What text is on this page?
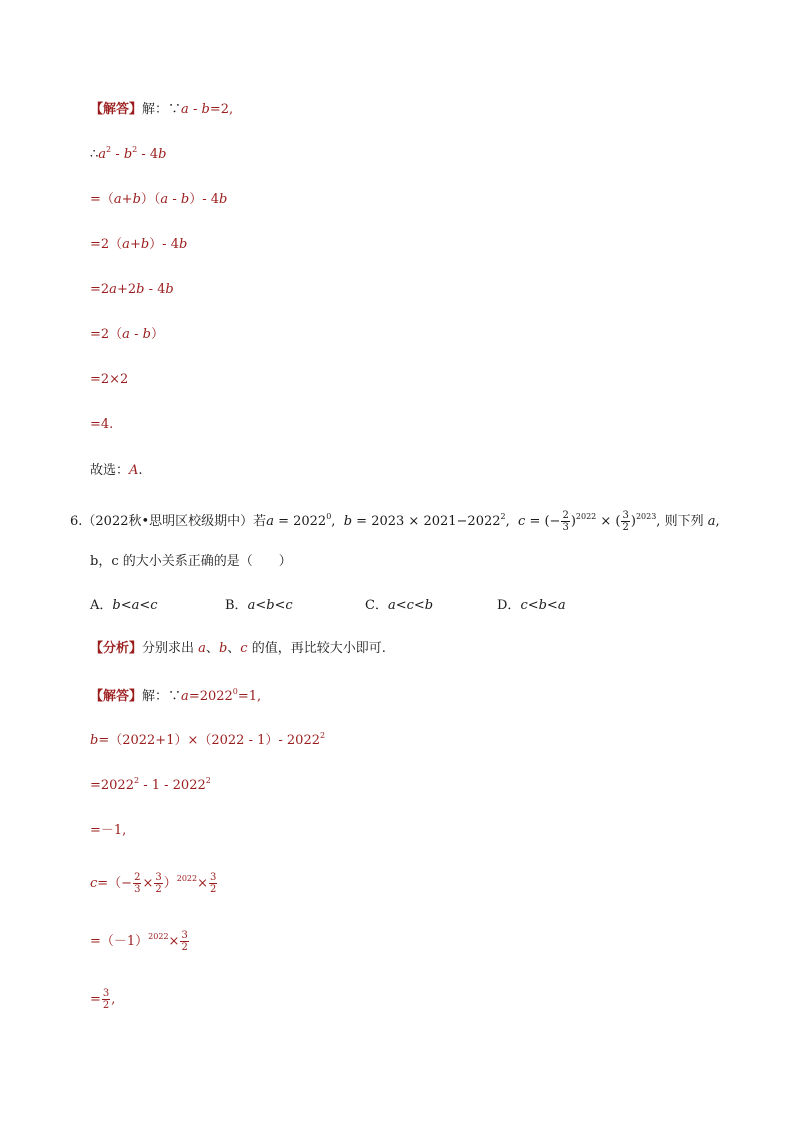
【解答】解：∵a - b=2,
$\therefore a^2 - b^2 - 4b$
=（a+b）（a - b）- 4b
=2（a+b）- 4b
=2a+2b - 4b
=2（a - b）
=2×2
=4.
故选：A.
6.（2022秋•思明区校级期中）若$a = 2022^0$, $b = 2023 \times 2021-2022^2$, c = (− $\frac{2}{3} )^{2022}$ × ( $\frac{3}{2} )^{2023}$, 则下列 a,
b，c 的大小关系正确的是（　　）
A．b<a<c	B．a<b<c	C．a<c<b	D．c<b<a
【分析】分别求出 a、b、c 的值，再比较大小即可.
【解答】解：$\because a=2022^0=1$,
b=（2022+1）×（2022 - 1）- $2022^2$
$=2022^2 - 1 - 2022^2$
=－1,
$c=(- \frac{2}{3} \times \frac{3}{2} )^{2022}\times \frac{3}{2}$
$=(-1)^{2022}\times \frac{3}{2}$
= $\frac{3}{2}$ ,
